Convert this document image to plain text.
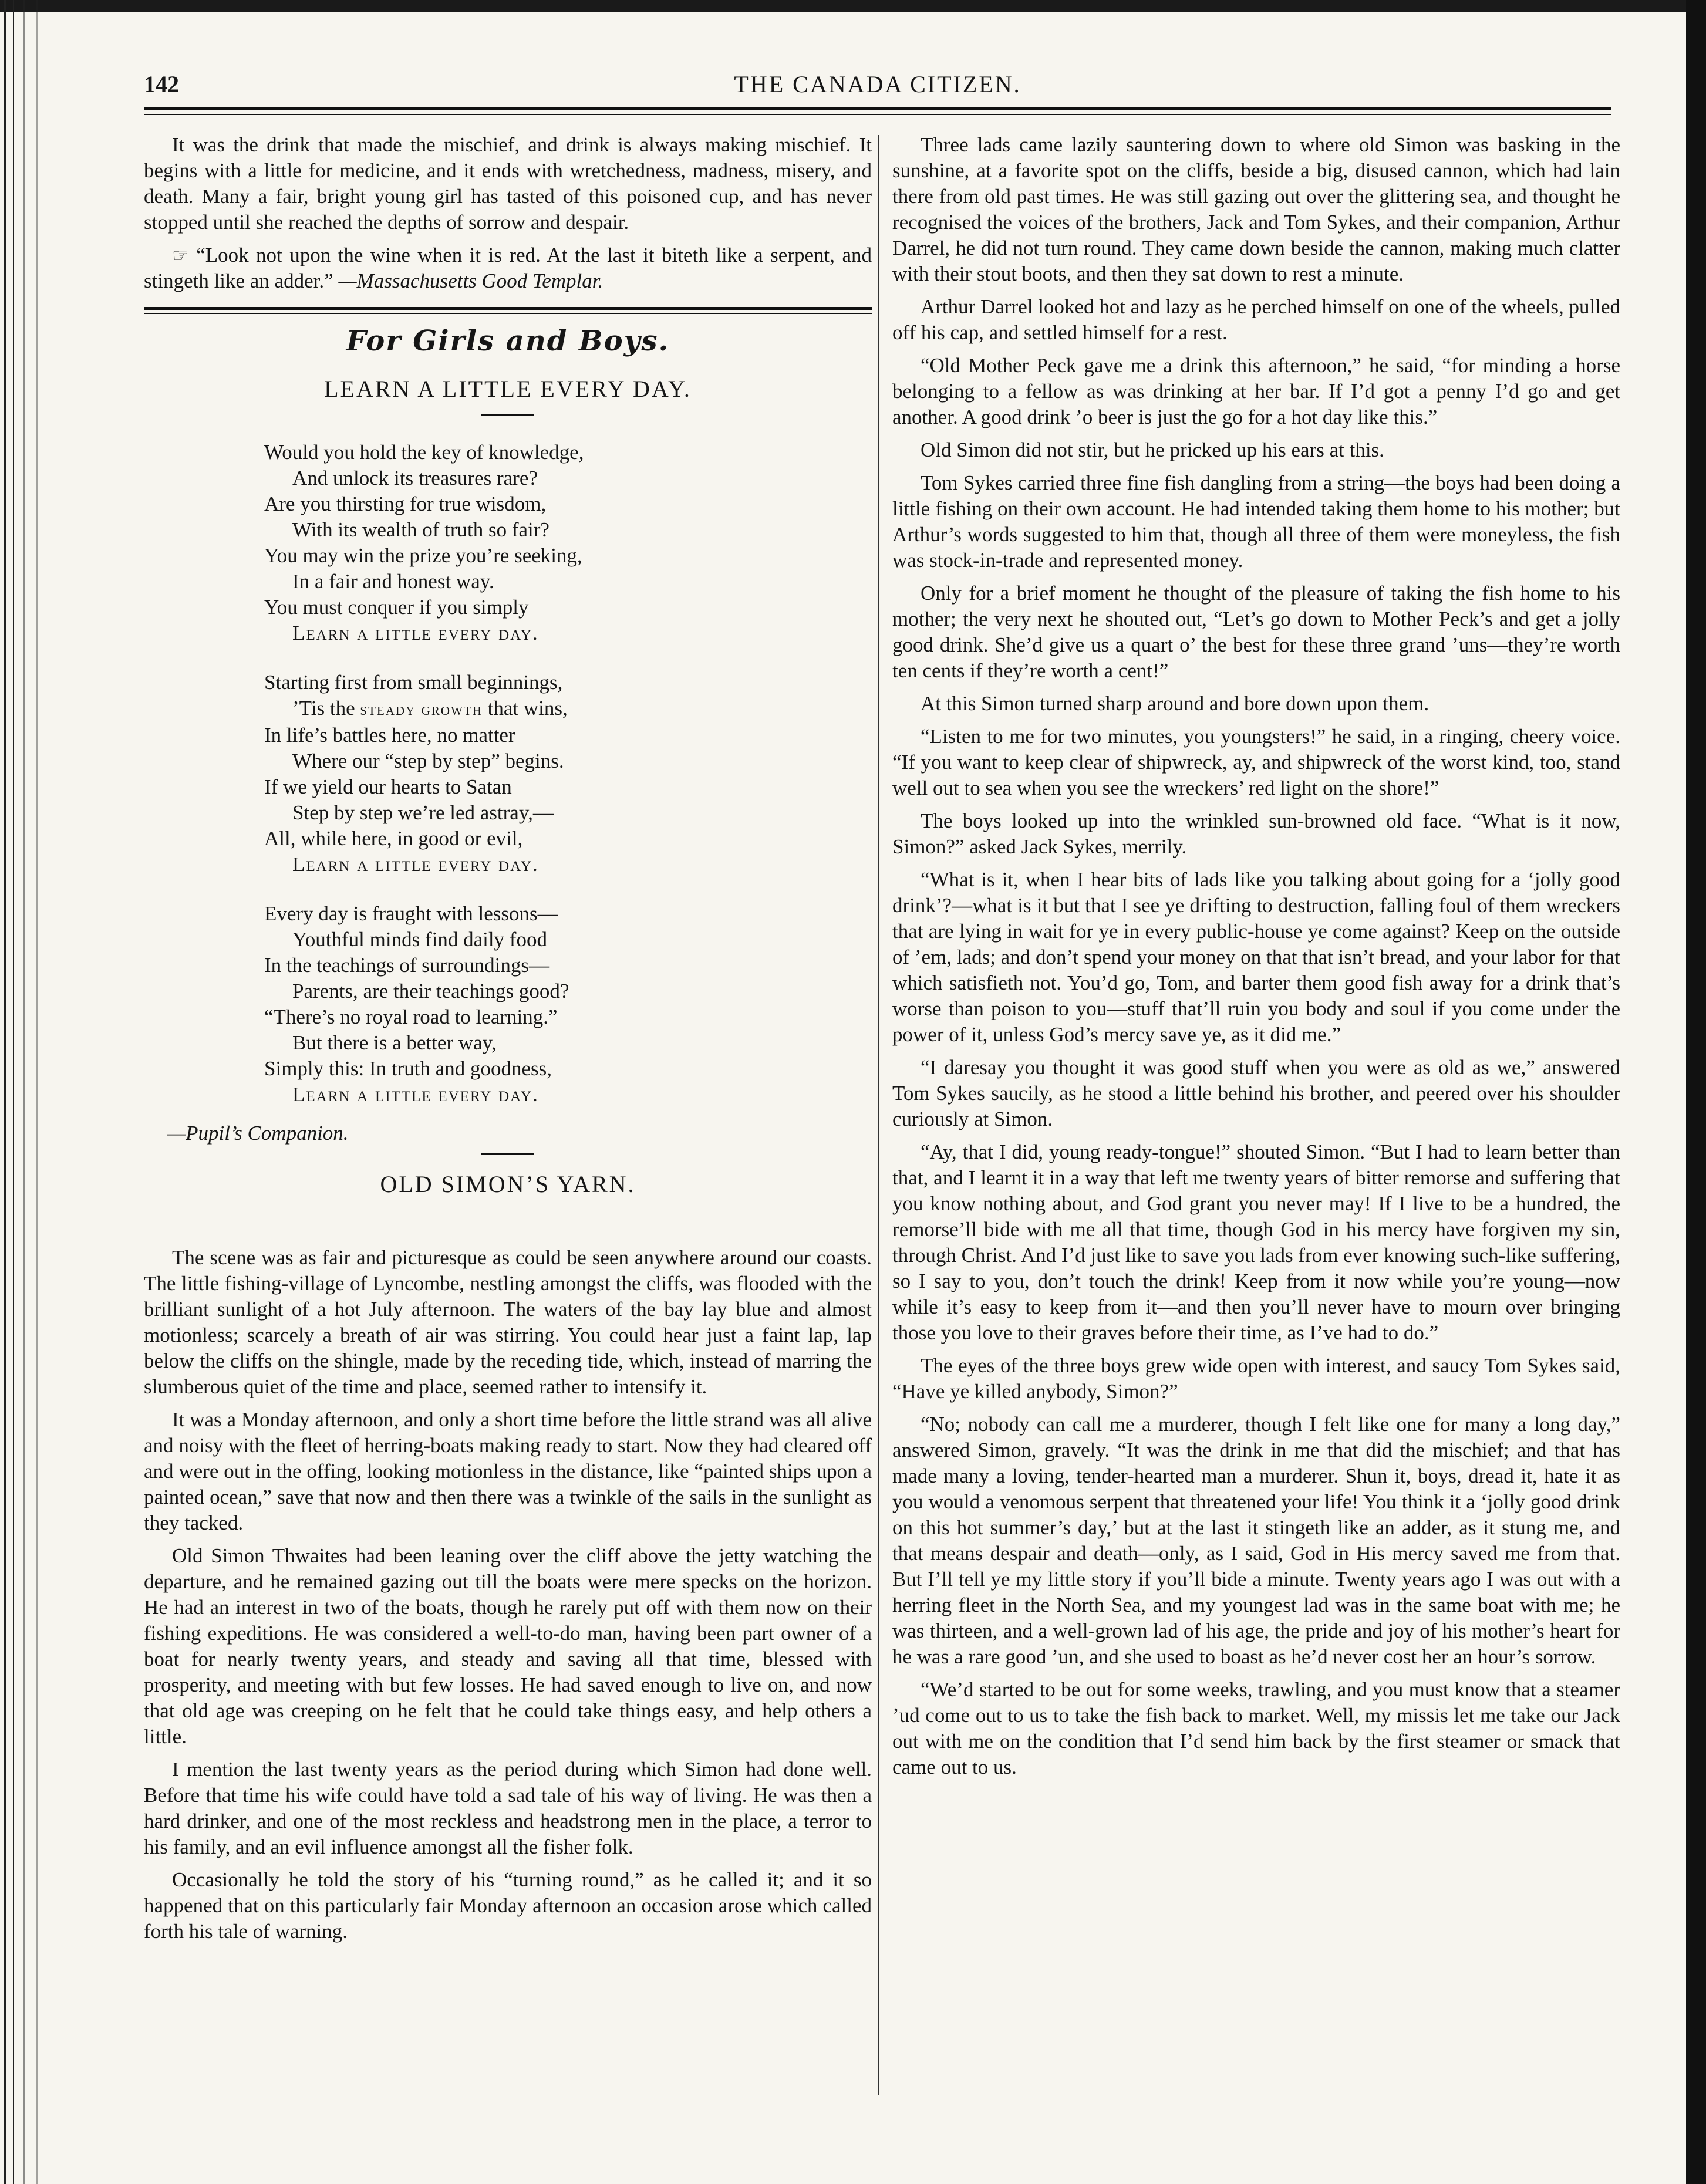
142	THE CANADA CITIZEN.

It was the drink that made the mischief, and drink is always making mischief. It begins with a little for medicine, and it ends with wretchedness, madness, misery, and death. Many a fair, bright young girl has tasted of this poisoned cup, and has never stopped until she reached the depths of sorrow and despair.

☞ “Look not upon the wine when it is red. At the last it biteth like a serpent, and stingeth like an adder.” —Massachusetts Good Templar.

For Girls and Boys.
LEARN A LITTLE EVERY DAY.
Would you hold the key of knowledge,
And unlock its treasures rare?
Are you thirsting for true wisdom,
With its wealth of truth so fair?
You may win the prize you’re seeking,
In a fair and honest way.
You must conquer if you simply
Learn a little every day.
Starting first from small beginnings,
’Tis the steady growth that wins,
In life’s battles here, no matter
Where our “step by step” begins.
If we yield our hearts to Satan
Step by step we’re led astray,—
All, while here, in good or evil,
Learn a little every day.
Every day is fraught with lessons—
Youthful minds find daily food
In the teachings of surroundings—
Parents, are their teachings good?
“There’s no royal road to learning.”
But there is a better way,
Simply this: In truth and goodness,
Learn a little every day.
—Pupil’s Companion.
OLD SIMON’S YARN.

The scene was as fair and picturesque as could be seen anywhere around our coasts. The little fishing-village of Lyncombe, nestling amongst the cliffs, was flooded with the brilliant sunlight of a hot July afternoon. The waters of the bay lay blue and almost motionless; scarcely a breath of air was stirring. You could hear just a faint lap, lap below the cliffs on the shingle, made by the receding tide, which, instead of marring the slumberous quiet of the time and place, seemed rather to intensify it.

It was a Monday afternoon, and only a short time before the little strand was all alive and noisy with the fleet of herring-boats making ready to start. Now they had cleared off and were out in the offing, looking motionless in the distance, like “painted ships upon a painted ocean,” save that now and then there was a twinkle of the sails in the sunlight as they tacked.

Old Simon Thwaites had been leaning over the cliff above the jetty watching the departure, and he remained gazing out till the boats were mere specks on the horizon. He had an interest in two of the boats, though he rarely put off with them now on their fishing expeditions. He was considered a well-to-do man, having been part owner of a boat for nearly twenty years, and steady and saving all that time, blessed with prosperity, and meeting with but few losses. He had saved enough to live on, and now that old age was creeping on he felt that he could take things easy, and help others a little.

I mention the last twenty years as the period during which Simon had done well. Before that time his wife could have told a sad tale of his way of living. He was then a hard drinker, and one of the most reckless and headstrong men in the place, a terror to his family, and an evil influence amongst all the fisher folk.

Occasionally he told the story of his “turning round,” as he called it; and it so happened that on this particularly fair Monday afternoon an occasion arose which called forth his tale of warning.

Three lads came lazily sauntering down to where old Simon was basking in the sunshine, at a favorite spot on the cliffs, beside a big, disused cannon, which had lain there from old past times. He was still gazing out over the glittering sea, and thought he recognised the voices of the brothers, Jack and Tom Sykes, and their companion, Arthur Darrel, he did not turn round. They came down beside the cannon, making much clatter with their stout boots, and then they sat down to rest a minute.

Arthur Darrel looked hot and lazy as he perched himself on one of the wheels, pulled off his cap, and settled himself for a rest.

“Old Mother Peck gave me a drink this afternoon,” he said, “for minding a horse belonging to a fellow as was drinking at her bar. If I’d got a penny I’d go and get another. A good drink ’o beer is just the go for a hot day like this.”

Old Simon did not stir, but he pricked up his ears at this.

Tom Sykes carried three fine fish dangling from a string—the boys had been doing a little fishing on their own account. He had intended taking them home to his mother; but Arthur’s words suggested to him that, though all three of them were moneyless, the fish was stock-in-trade and represented money.

Only for a brief moment he thought of the pleasure of taking the fish home to his mother; the very next he shouted out, “Let’s go down to Mother Peck’s and get a jolly good drink. She’d give us a quart o’ the best for these three grand ’uns—they’re worth ten cents if they’re worth a cent!”

At this Simon turned sharp around and bore down upon them.

“Listen to me for two minutes, you youngsters!” he said, in a ringing, cheery voice. “If you want to keep clear of shipwreck, ay, and shipwreck of the worst kind, too, stand well out to sea when you see the wreckers’ red light on the shore!”

The boys looked up into the wrinkled sun-browned old face. “What is it now, Simon?” asked Jack Sykes, merrily.

“What is it, when I hear bits of lads like you talking about going for a ‘jolly good drink’?—what is it but that I see ye drifting to destruction, falling foul of them wreckers that are lying in wait for ye in every public-house ye come against? Keep on the outside of ’em, lads; and don’t spend your money on that that isn’t bread, and your labor for that which satisfieth not. You’d go, Tom, and barter them good fish away for a drink that’s worse than poison to you—stuff that’ll ruin you body and soul if you come under the power of it, unless God’s mercy save ye, as it did me.”

“I daresay you thought it was good stuff when you were as old as we,” answered Tom Sykes saucily, as he stood a little behind his brother, and peered over his shoulder curiously at Simon.

“Ay, that I did, young ready-tongue!” shouted Simon. “But I had to learn better than that, and I learnt it in a way that left me twenty years of bitter remorse and suffering that you know nothing about, and God grant you never may! If I live to be a hundred, the remorse’ll bide with me all that time, though God in his mercy have forgiven my sin, through Christ. And I’d just like to save you lads from ever knowing such-like suffering, so I say to you, don’t touch the drink! Keep from it now while you’re young—now while it’s easy to keep from it—and then you’ll never have to mourn over bringing those you love to their graves before their time, as I’ve had to do.”

The eyes of the three boys grew wide open with interest, and saucy Tom Sykes said, “Have ye killed anybody, Simon?”

“No; nobody can call me a murderer, though I felt like one for many a long day,” answered Simon, gravely. “It was the drink in me that did the mischief; and that has made many a loving, tender-hearted man a murderer. Shun it, boys, dread it, hate it as you would a venomous serpent that threatened your life! You think it a ‘jolly good drink on this hot summer’s day,’ but at the last it stingeth like an adder, as it stung me, and that means despair and death—only, as I said, God in His mercy saved me from that. But I’ll tell ye my little story if you’ll bide a minute. Twenty years ago I was out with a herring fleet in the North Sea, and my youngest lad was in the same boat with me; he was thirteen, and a well-grown lad of his age, the pride and joy of his mother’s heart for he was a rare good ’un, and she used to boast as he’d never cost her an hour’s sorrow.

“We’d started to be out for some weeks, trawling, and you must know that a steamer ’ud come out to us to take the fish back to market. Well, my missis let me take our Jack out with me on the condition that I’d send him back by the first steamer or smack that came out to us.
